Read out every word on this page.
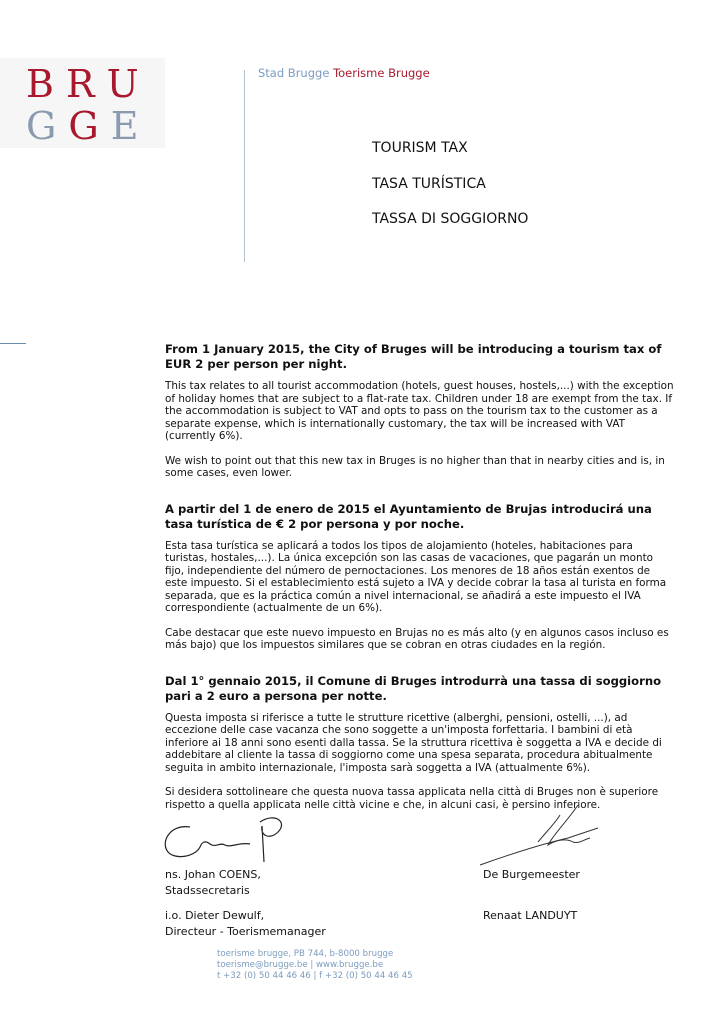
BRU
GGE
Stad Brugge Toerisme Brugge
TOURISM TAX
TASA TURÍSTICA
TASSA DI SOGGIORNO
From 1 January 2015, the City of Bruges will be introducing a tourism tax of EUR 2 per person per night.

This tax relates to all tourist accommodation (hotels, guest houses, hostels,...) with the exception of holiday homes that are subject to a flat-rate tax. Children under 18 are exempt from the tax. If the accommodation is subject to VAT and opts to pass on the tourism tax to the customer as a separate expense, which is internationally customary, the tax will be increased with VAT (currently 6%).

We wish to point out that this new tax in Bruges is no higher than that in nearby cities and is, in some cases, even lower.

A partir del 1 de enero de 2015 el Ayuntamiento de Brujas introducirá una tasa turística de € 2 por persona y por noche.

Esta tasa turística se aplicará a todos los tipos de alojamiento (hoteles, habitaciones para turistas, hostales,...). La única excepción son las casas de vacaciones, que pagarán un monto fijo, independiente del número de pernoctaciones. Los menores de 18 años están exentos de este impuesto. Si el establecimiento está sujeto a IVA y decide cobrar la tasa al turista en forma separada, que es la práctica común a nivel internacional, se añadirá a este impuesto el IVA correspondiente (actualmente de un 6%).

Cabe destacar que este nuevo impuesto en Brujas no es más alto (y en algunos casos incluso es más bajo) que los impuestos similares que se cobran en otras ciudades en la región.

Dal 1° gennaio 2015, il Comune di Bruges introdurrà una tassa di soggiorno pari a 2 euro a persona per notte.

Questa imposta si riferisce a tutte le strutture ricettive (alberghi, pensioni, ostelli, ...), ad eccezione delle case vacanza che sono soggette a un'imposta forfettaria. I bambini di età inferiore ai 18 anni sono esenti dalla tassa. Se la struttura ricettiva è soggetta a IVA e decide di addebitare al cliente la tassa di soggiorno come una spesa separata, procedura abitualmente seguita in ambito internazionale, l'imposta sarà soggetta a IVA (attualmente 6%).

Si desidera sottolineare che questa nuova tassa applicata nella città di Bruges non è superiore rispetto a quella applicata nelle città vicine e che, in alcuni casi, è persino inferiore.

ns. Johan COENS,
Stadssecretaris
i.o. Dieter Dewulf,
Directeur - Toerismemanager
De Burgemeester
Renaat LANDUYT
toerisme brugge, PB 744, b-8000 brugge
toerisme@brugge.be | www.brugge.be
t +32 (0) 50 44 46 46 | f +32 (0) 50 44 46 45
